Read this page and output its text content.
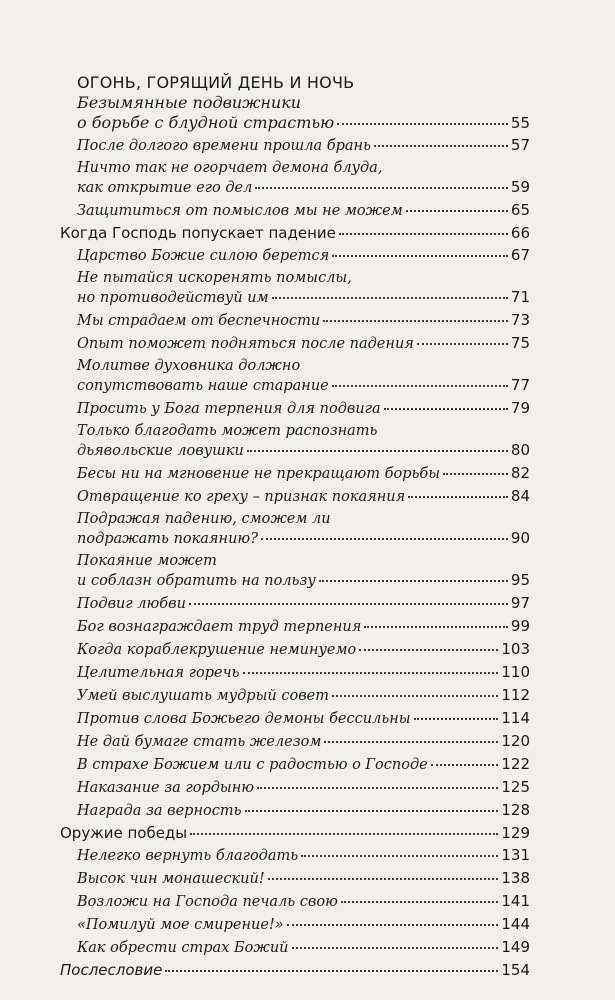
ОГОНЬ, ГОРЯЩИЙ ДЕНЬ И НОЧЬ
Безымянные подвижники
о борьбе с блудной страстью	55
После долгого времени прошла брань	57
Ничто так не огорчает демона блуда,
как открытие его дел	59
Защититься от помыслов мы не можем	65
Когда Господь попускает падение	66
Царство Божие силою берется	67
Не пытайся искоренять помыслы,
но противодействуй им	71
Мы страдаем от беспечности	73
Опыт поможет подняться после падения	75
Молитве духовника должно
сопутствовать наше старание	77
Просить у Бога терпения для подвига	79
Только благодать может распознать
дьявольские ловушки	80
Бесы ни на мгновение не прекращают борьбы	82
Отвращение ко греху – признак покаяния	84
Подражая падению, сможем ли
подражать покаянию?	90
Покаяние может
и соблазн обратить на пользу	95
Подвиг любви	97
Бог вознаграждает труд терпения	99
Когда кораблекрушение неминуемо	103
Целительная горечь	110
Умей выслушать мудрый совет	112
Против слова Божьего демоны бессильны	114
Не дай бумаге стать железом	120
В страхе Божием или с радостью о Господе	122
Наказание за гордыню	125
Награда за верность	128
Оружие победы	129
Нелегко вернуть благодать	131
Высок чин монашеский!	138
Возложи на Господа печаль свою	141
«Помилуй мое смирение!»	144
Как обрести страх Божий	149
Послесловие	154
